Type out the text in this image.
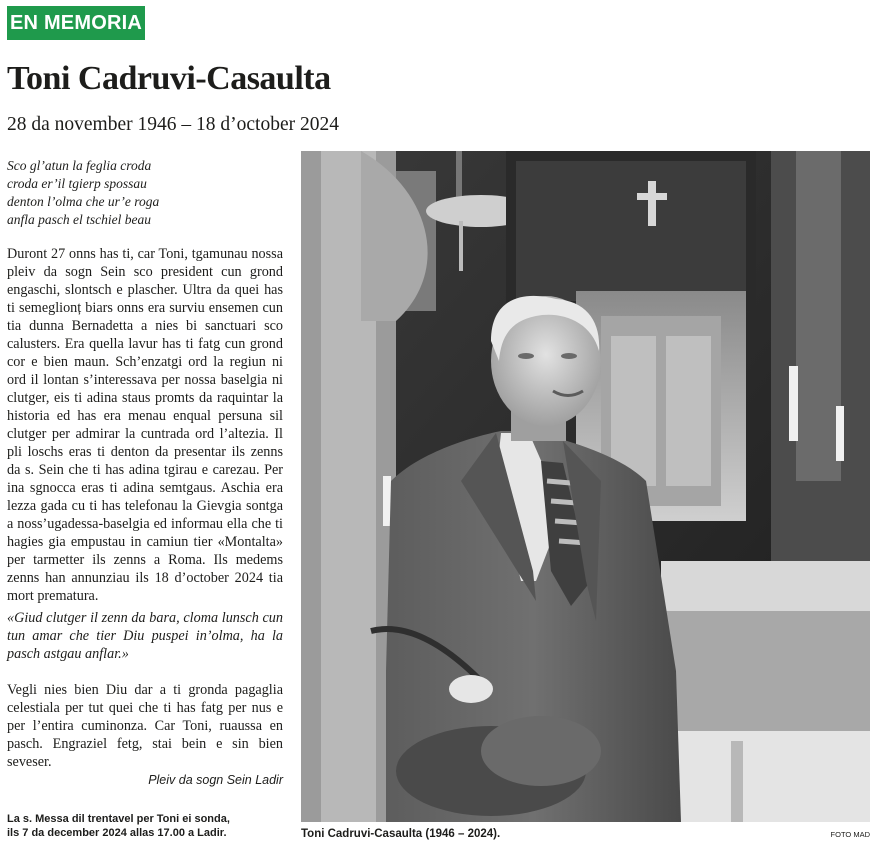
EN MEMORIA
Toni Cadruvi-Casaulta
28 da november 1946 – 18 d’october 2024
Sco gl’atun la feglia croda
croda er’il tgierp spossau
denton l’olma che ur’e roga
anfla pasch el tschiel beau

Duront 27 onns has ti, car Toni, tgamunau nossa pleiv da sogn Sein sco president cun grond engaschi, slontsch e plascher. Ultra da quei has ti semeglionț biars onns era surviu ensemen cun tia dunna Bernadetta a nies bi sanctuari sco calusters. Era quella lavur has ti fatg cun grond cor e bien maun. Sch’enzatgi ord la regiun ni ord il lontan s’interessava per nossa baselgia ni clutger, eis ti adina staus promts da raquintar la historia ed has era menau enqual persuna sil clutger per admirar la cuntrada ord l’altezia. Il pli loschs eras ti denton da presentar ils zenns da s. Sein che ti has adina tgirau e carezau. Per ina sgnocca eras ti adina semtgaus. Aschia era lezza gada cu ti has telefonau la Gievgia sontga a noss’ugadessa-baselgia ed informau ella che ti hagies gia empustau in camiun tier «Montalta» per tarmetter ils zenns a Roma. Ils medems zenns han annunziau ils 18 d’october 2024 tia mort prematura.

«Giud clutger il zenn da bara, cloma lunsch cun tun amar che tier Diu puspei in’olma, ha la pasch astgau anflar.»

Vegli nies bien Diu dar a ti gronda pagaglia celestiala per tut quei che ti has fatg per nus e per l’entira cuminonza. Car Toni, ruaussa en pasch. Engraziel fetg, stai bein e sin bien seveser.

Pleiv da sogn Sein Ladir
La s. Messa dil trentavel per Toni ei sonda,
ils 7 da december 2024 allas 17.00 a Ladir.	Toni Cadruvi-Casaulta (1946 – 2024).	FOTO MAD
